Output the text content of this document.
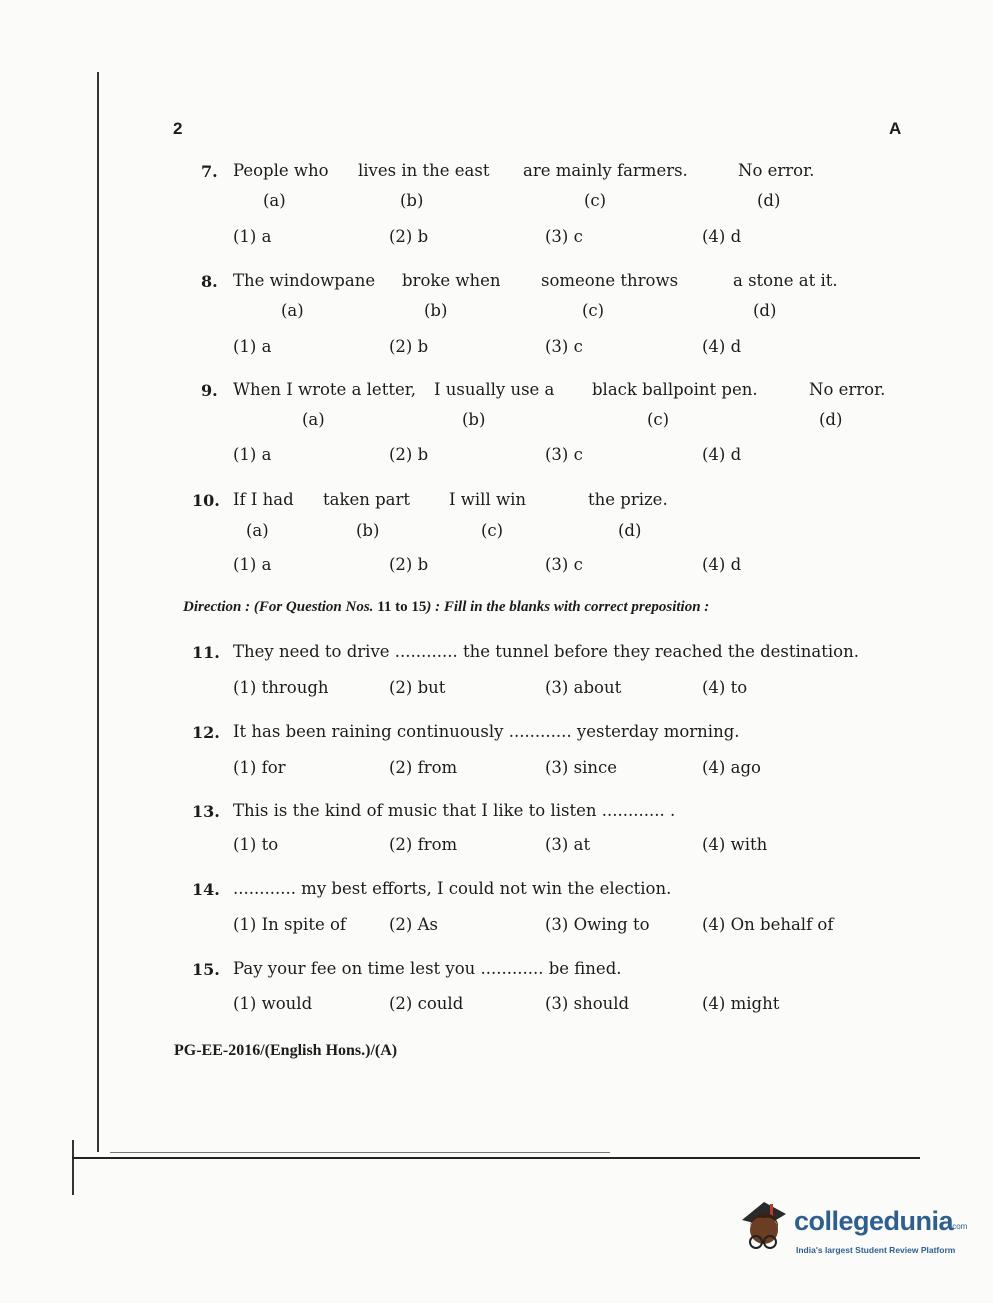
2	A
7. People who lives in the east are mainly farmers.	No error.
(a)	(b)	(c)	(d)
(1) a	(2) b	(3) c	(4) d
8. The windowpane broke when someone throws	a stone at it.
(a)	(b)	(c)	(d)
(1) a	(2) b	(3) c	(4) d
9. When I wrote a letter, I usually use a black ballpoint pen.	No error.
(a)	(b)	(c)	(d)
(1) a	(2) b	(3) c	(4) d
10. If I had taken part I will win	the prize.
(a)	(b)	(c)	(d)
(1) a	(2) b	(3) c	(4) d
Direction : (For Question Nos. 11 to 15) : Fill in the blanks with correct preposition :
11. They need to drive ............ the tunnel before they reached the destination.
(1) through	(2) but	(3) about	(4) to
12. It has been raining continuously ............ yesterday morning.
(1) for	(2) from	(3) since	(4) ago
13. This is the kind of music that I like to listen ............ .
(1) to	(2) from	(3) at	(4) with
14. ............ my best efforts, I could not win the election.
(1) In spite of	(2) As	(3) Owing to	(4) On behalf of
15. Pay your fee on time lest you ............ be fined.
(1) would	(2) could	(3) should	(4) might
PG-EE-2016/(English Hons.)/(A)
collegedunia
.com
India's largest Student Review Platform
